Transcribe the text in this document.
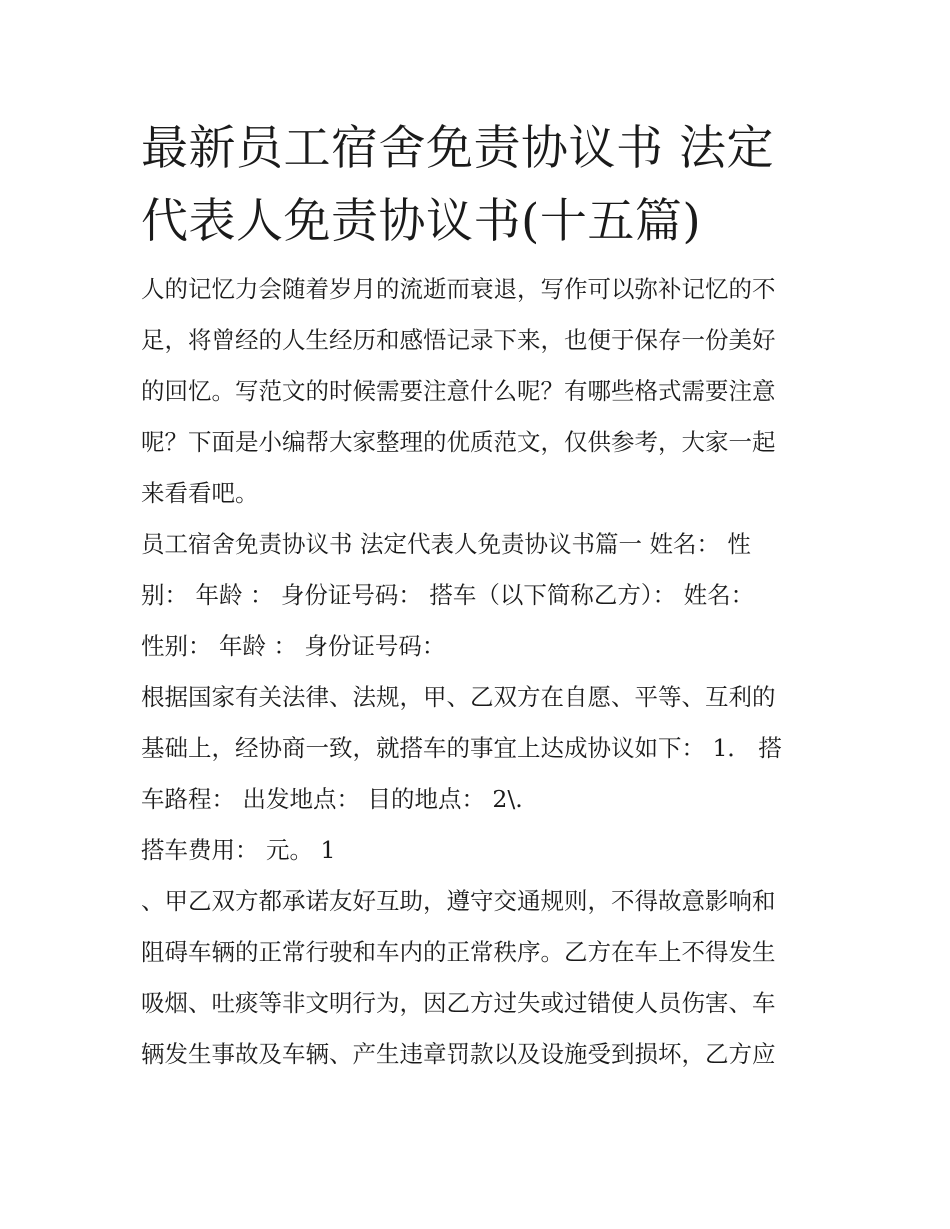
最新员工宿舍免责协议书 法定
代表人免责协议书(十五篇)

人的记忆力会随着岁月的流逝而衰退，写作可以弥补记忆的不
足，将曾经的人生经历和感悟记录下来，也便于保存一份美好
的回忆。写范文的时候需要注意什么呢？有哪些格式需要注意
呢？下面是小编帮大家整理的优质范文，仅供参考，大家一起
来看看吧。

员工宿舍免责协议书 法定代表人免责协议书篇一 姓名： 性
别： 年龄 ： 身份证号码： 搭车（以下简称乙方）： 姓名：
性别： 年龄 ： 身份证号码：

根据国家有关法律、法规，甲、乙双方在自愿、平等、互利的
基础上，经协商一致，就搭车的事宜上达成协议如下： 1． 搭
车路程： 出发地点： 目的地点： 2\.

搭车费用： 元。 1

、甲乙双方都承诺友好互助，遵守交通规则，不得故意影响和
阻碍车辆的正常行驶和车内的正常秩序。乙方在车上不得发生
吸烟、吐痰等非文明行为，因乙方过失或过错使人员伤害、车
辆发生事故及车辆、产生违章罚款以及设施受到损坏，乙方应
